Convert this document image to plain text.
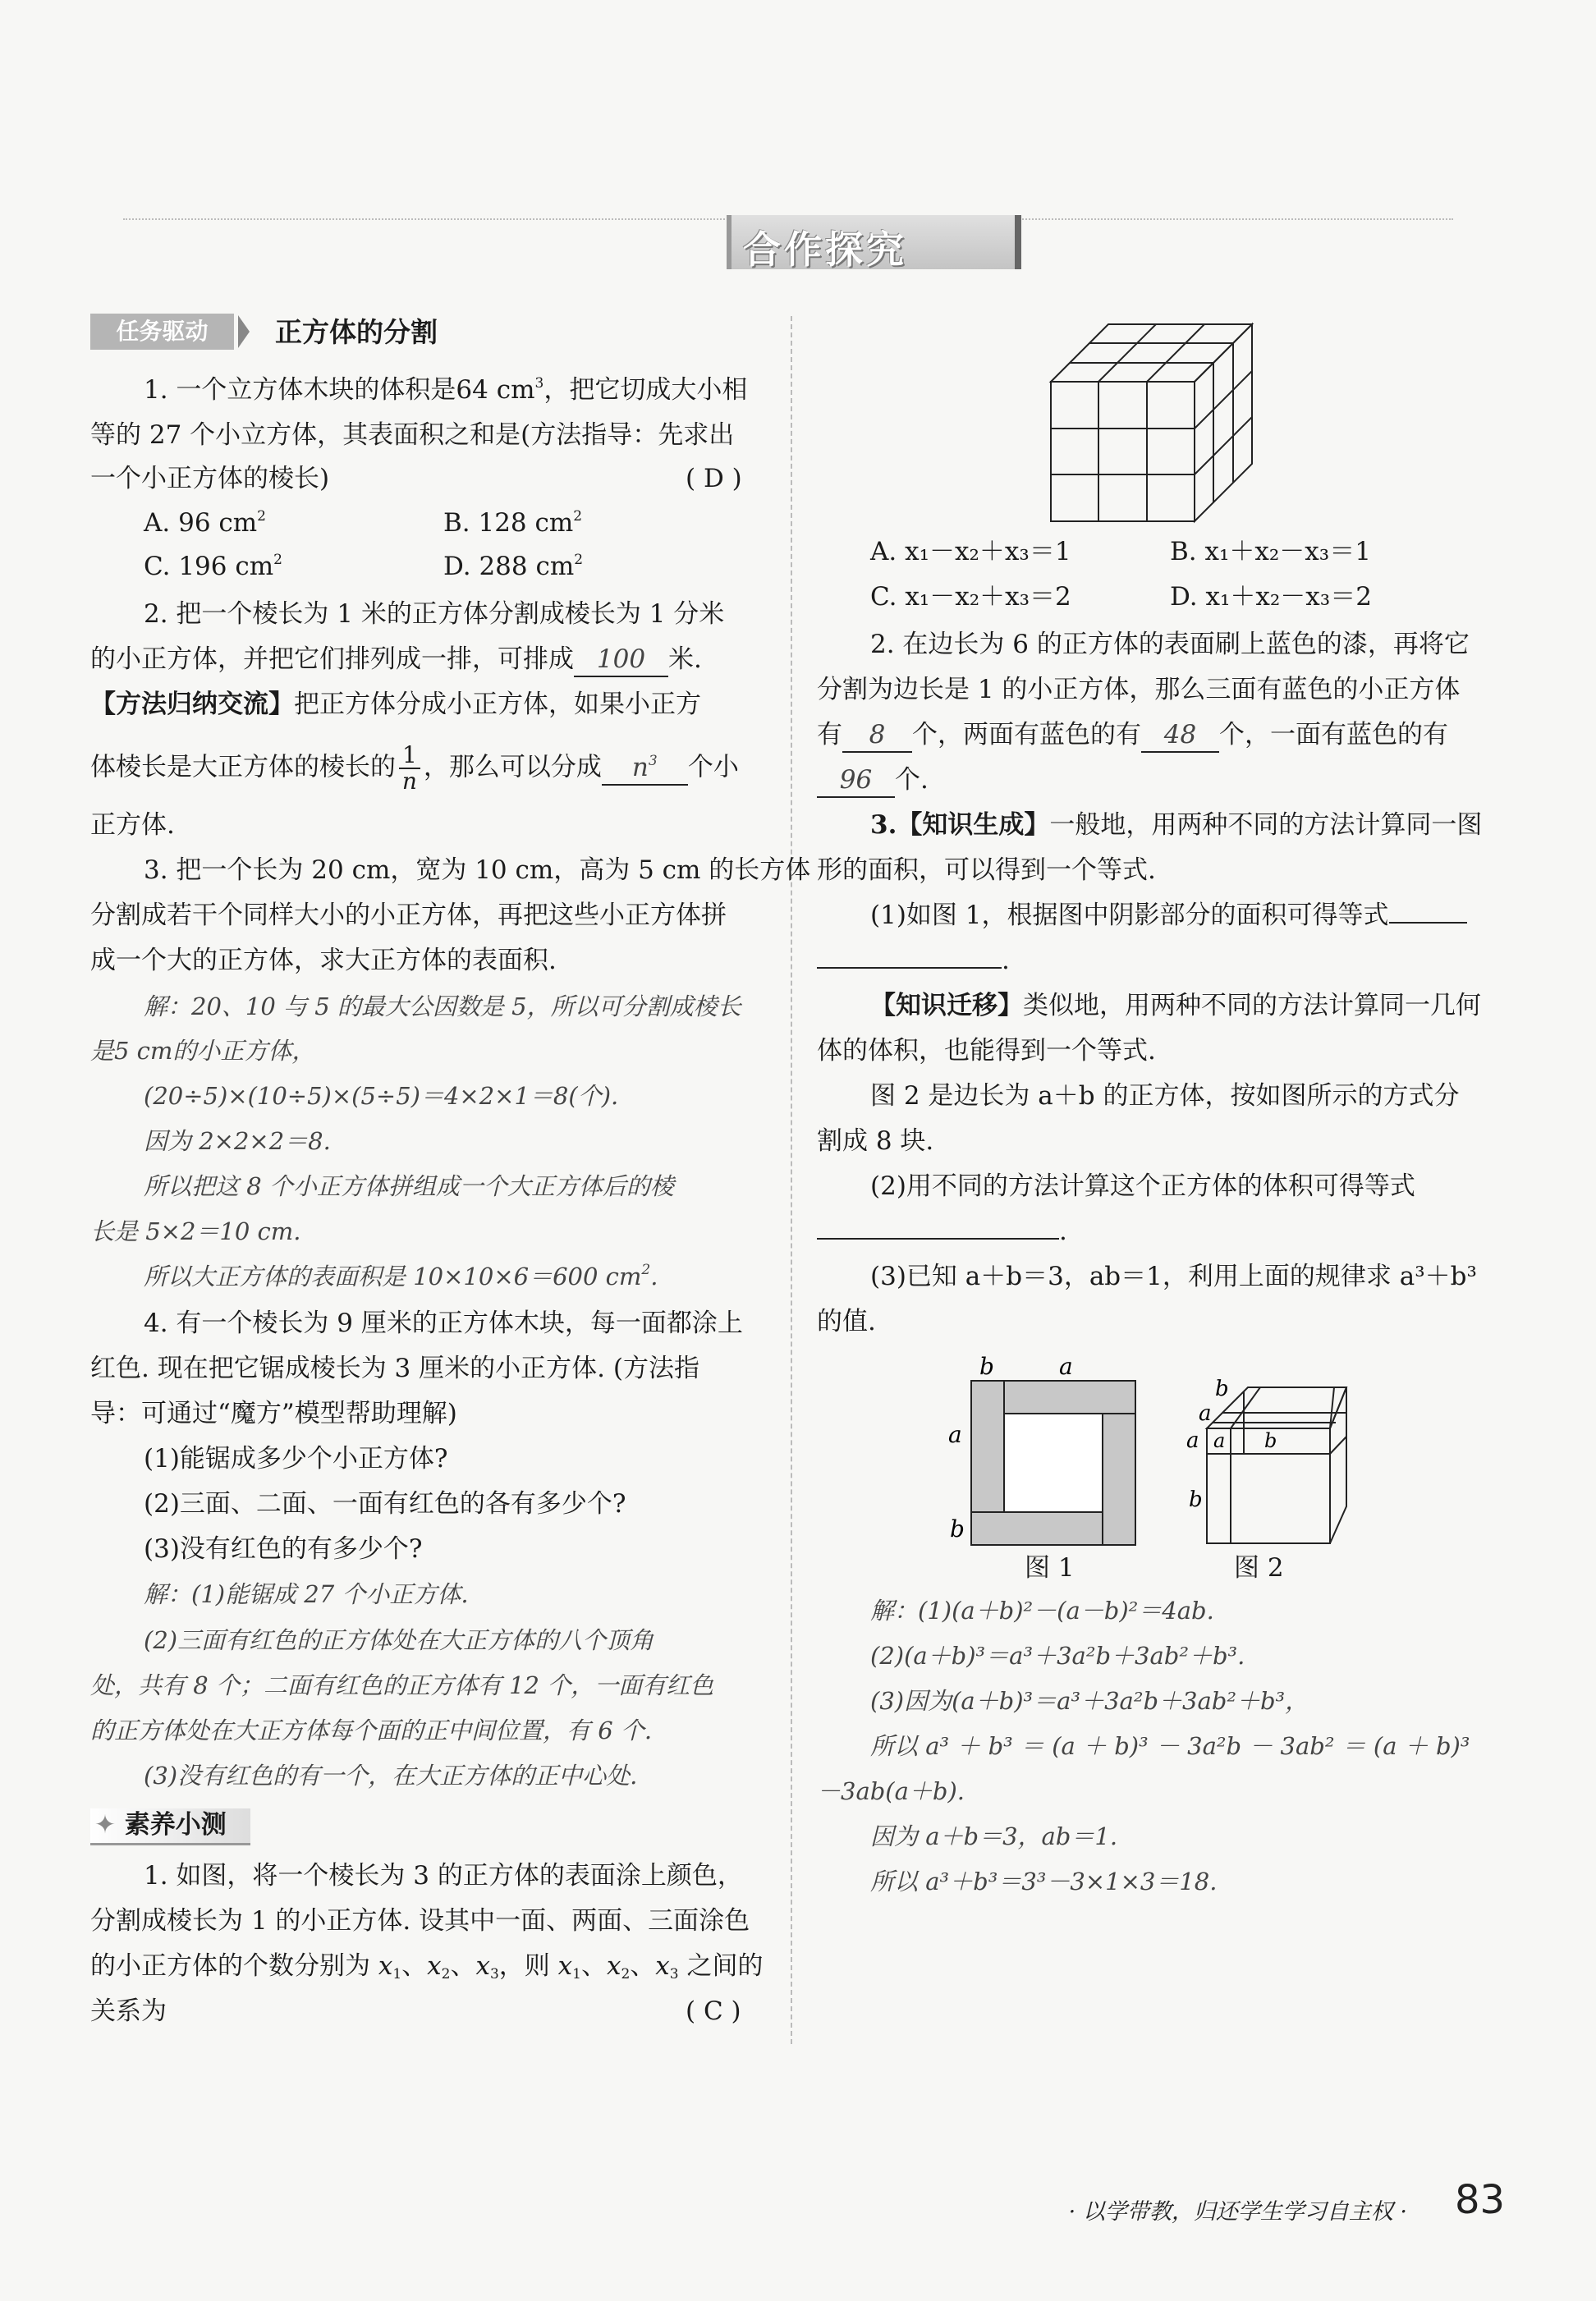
合作探究
任务驱动	正方体的分割
1. 一个立方体木块的体积是64 $cm^3$，把它切成大小相
等的 27 个小立方体，其表面积之和是(方法指导：先求出
一个小正方体的棱长)	( D )
A. 96 $cm^2$	B. 128 $cm^2$
C. 196 $cm^2$	D. 288 $cm^2$
2. 把一个棱长为 1 米的正方体分割成棱长为 1 分米
的小正方体，并把它们排列成一排，可排成 100 米.
【方法归纳交流】把正方体分成小正方体，如果小正方
体棱长是大正方体的棱长的 $\frac{1}{n}$ ，那么可以分成 $n^3$ 个小
正方体.
3. 把一个长为 20 cm，宽为 10 cm，高为 5 cm 的长方体
分割成若干个同样大小的小正方体，再把这些小正方体拼
成一个大的正方体，求大正方体的表面积.
解：20、10 与 5 的最大公因数是 5，所以可分割成棱长
是5 cm的小正方体，
(20÷5)×(10÷5)×(5÷5)＝4×2×1＝8(个).
因为 2×2×2＝8.
所以把这 8 个小正方体拼组成一个大正方体后的棱
长是 5×2＝10 cm.
所以大正方体的表面积是 10×10×6＝600 $cm^2$.
4. 有一个棱长为 9 厘米的正方体木块，每一面都涂上
红色. 现在把它锯成棱长为 3 厘米的小正方体. (方法指
导：可通过“魔方”模型帮助理解)
(1)能锯成多少个小正方体?
(2)三面、二面、一面有红色的各有多少个?
(3)没有红色的有多少个?
解：(1)能锯成 27 个小正方体.
(2)三面有红色的正方体处在大正方体的八个顶角
处，共有 8 个；二面有红色的正方体有 12 个，一面有红色
的正方体处在大正方体每个面的正中间位置，有 6 个.
(3)没有红色的有一个，在大正方体的正中心处.
✦ 素养小测
1. 如图，将一个棱长为 3 的正方体的表面涂上颜色，
分割成棱长为 1 的小正方体. 设其中一面、两面、三面涂色
的小正方体的个数分别为 $x_1$、$x_2$、$x_3$，则 $x_1$、$x_2$、$x_3$ 之间的
关系为	( C )
A. x₁－x₂＋x₃＝1	B. x₁＋x₂－x₃＝1
C. x₁－x₂＋x₃＝2	D. x₁＋x₂－x₃＝2
2. 在边长为 6 的正方体的表面刷上蓝色的漆，再将它
分割为边长是 1 的小正方体，那么三面有蓝色的小正方体
有 8 个，两面有蓝色的有 48 个，一面有蓝色的有
96 个.
3.【知识生成】一般地，用两种不同的方法计算同一图
形的面积，可以得到一个等式.
(1)如图 1，根据图中阴影部分的面积可得等式
.
【知识迁移】类似地，用两种不同的方法计算同一几何
体的体积，也能得到一个等式.
图 2 是边长为 a＋b 的正方体，按如图所示的方式分
割成 8 块.
(2)用不同的方法计算这个正方体的体积可得等式
.
(3)已知 a＋b＝3，ab＝1，利用上面的规律求 a³＋b³
的值.
b	a
a
b
图 1
b
a
a a b
b
图 2
解：(1)(a＋b)²－(a－b)²＝4ab.
(2)(a＋b)³＝a³＋3a²b＋3ab²＋b³.
(3)因为(a＋b)³＝a³＋3a²b＋3ab²＋b³，
所以 a³ ＋ b³ ＝ (a ＋ b)³ － 3a²b － 3ab² ＝ (a ＋ b)³
－3ab(a＋b).
因为 a＋b＝3，ab＝1.
所以 a³＋b³＝3³－3×1×3＝18.
· 以学带教，归还学生学习自主权 · 83
